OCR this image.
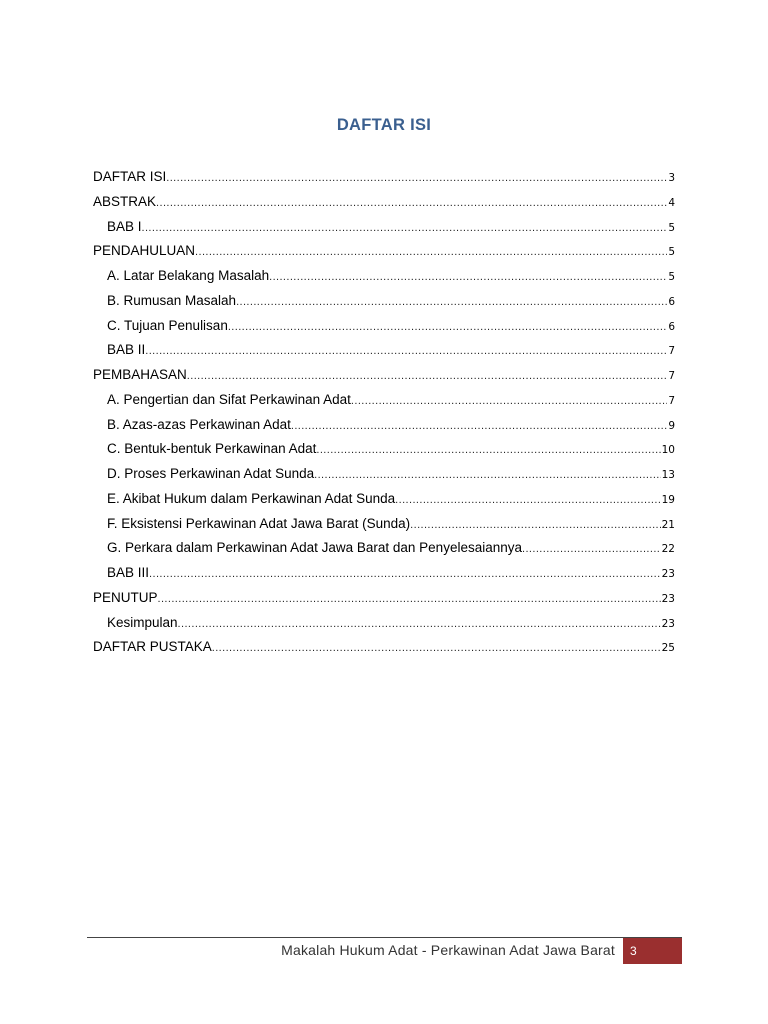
DAFTAR ISI
DAFTAR ISI .....	3
ABSTRAK .....	4
BAB I .....	5
PENDAHULUAN .....	5
A. Latar Belakang Masalah .....	5
B. Rumusan Masalah .....	6
C. Tujuan Penulisan .....	6
BAB II .....	7
PEMBAHASAN .....	7
A. Pengertian dan Sifat Perkawinan Adat .....	7
B. Azas-azas Perkawinan Adat .....	9
C. Bentuk-bentuk Perkawinan Adat .....	10
D. Proses Perkawinan Adat Sunda .....	13
E. Akibat Hukum dalam Perkawinan Adat Sunda .....	19
F. Eksistensi Perkawinan Adat Jawa Barat (Sunda) .....	21
G. Perkara dalam Perkawinan Adat Jawa Barat dan Penyelesaiannya .....	22
BAB III .....	23
PENUTUP .....	23
Kesimpulan .....	23
DAFTAR PUSTAKA .....	25
Makalah Hukum Adat - Perkawinan Adat Jawa Barat	3
